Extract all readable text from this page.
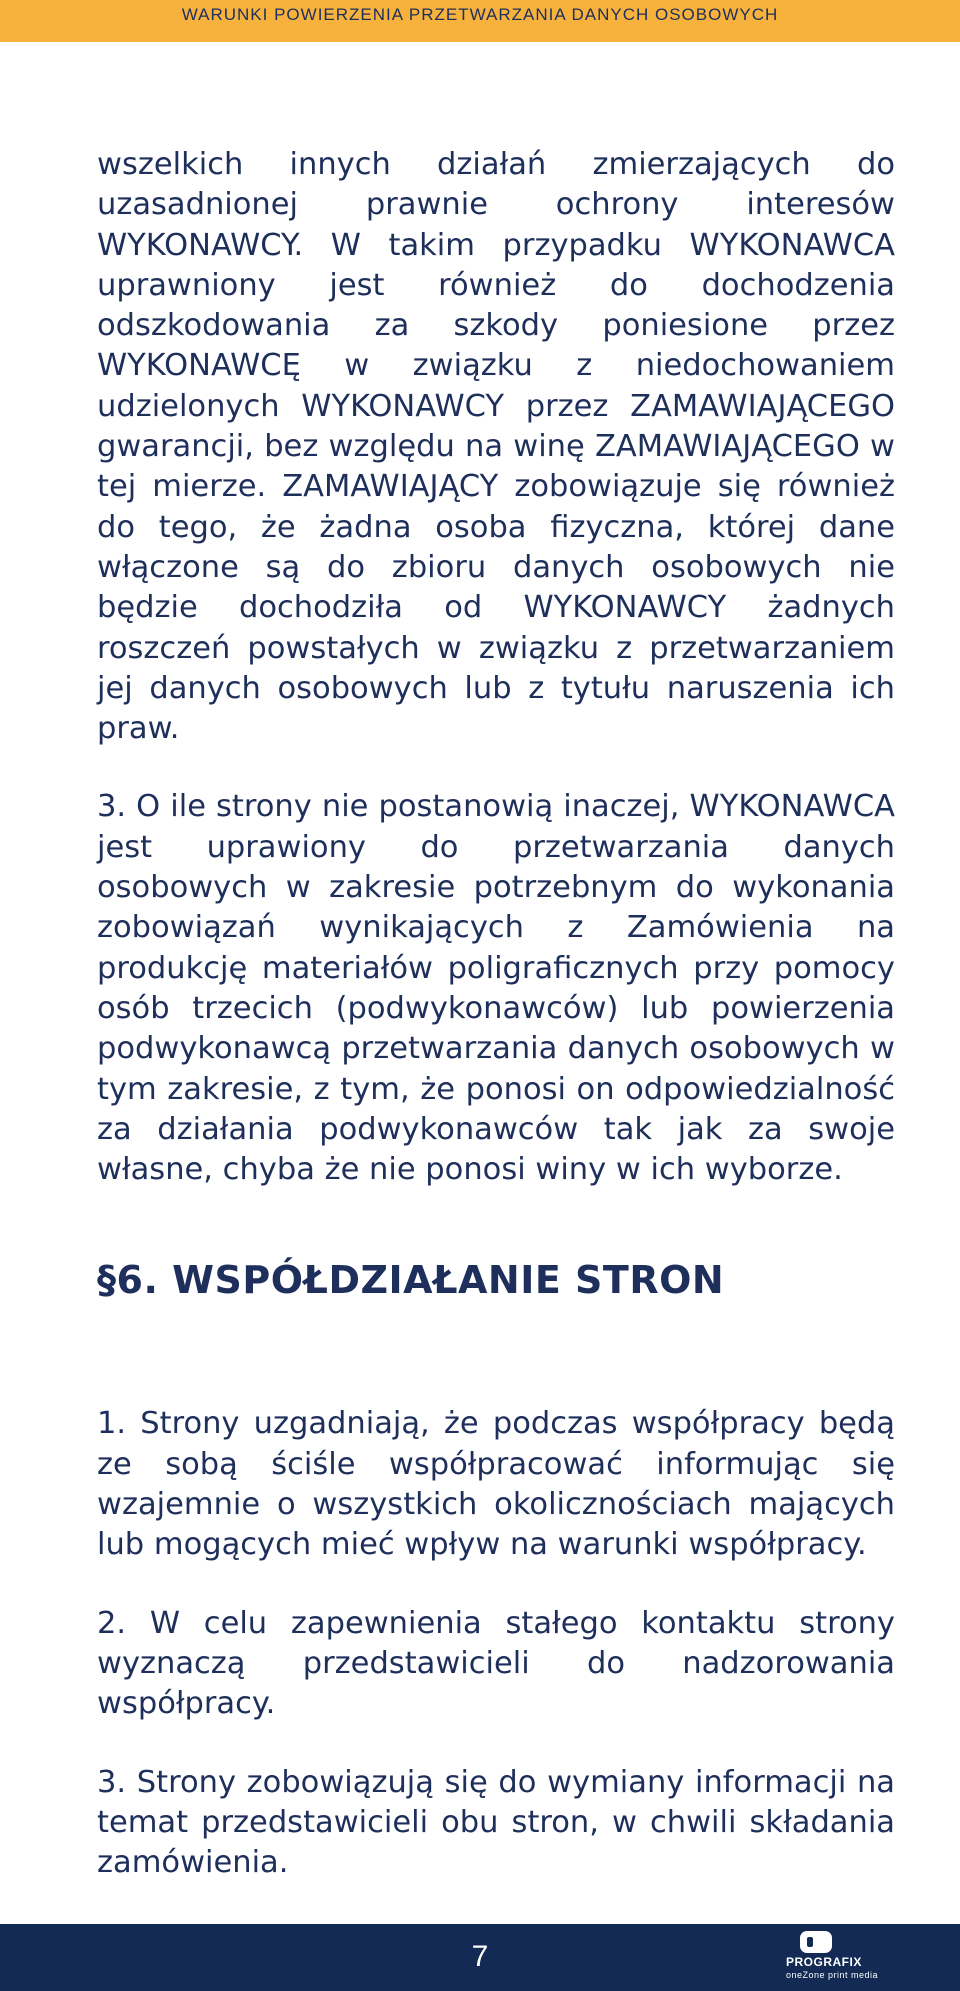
WARUNKI POWIERZENIA PRZETWARZANIA DANYCH OSOBOWYCH

wszelkich innych działań zmierzających do uzasadnionej prawnie ochrony interesów WYKONAWCY. W takim przypadku WYKONAWCA uprawniony jest również do dochodzenia odszkodowania za szkody poniesione przez WYKONAWCĘ w związku z niedochowaniem udzielonych WYKONAWCY przez ZAMAWIAJĄCEGO gwarancji, bez względu na winę ZAMAWIAJĄCEGO w tej mierze. ZAMAWIAJĄCY zobowiązuje się również do tego, że żadna osoba fizyczna, której dane włączone są do zbioru danych osobowych nie będzie dochodziła od WYKONAWCY żadnych roszczeń powstałych w związku z przetwarzaniem jej danych osobowych lub z tytułu naruszenia ich praw.

3. O ile strony nie postanowią inaczej, WYKONAWCA jest uprawiony do przetwarzania danych osobowych w zakresie potrzebnym do wykonania zobowiązań wynikających z Zamówienia na produkcję materiałów poligraficznych przy pomocy osób trzecich (podwykonawców) lub powierzenia podwykonawcą przetwarzania danych osobowych w tym zakresie, z tym, że ponosi on odpowiedzialność za działania podwykonawców tak jak za swoje własne, chyba że nie ponosi winy w ich wyborze.

§6. WSPÓŁDZIAŁANIE STRON

1. Strony uzgadniają, że podczas współpracy będą ze sobą ściśle współpracować informując się wzajemnie o wszystkich okolicznościach mających lub mogących mieć wpływ na warunki współpracy.

2. W celu zapewnienia stałego kontaktu strony wyznaczą przedstawicieli do nadzorowania współpracy.

3. Strony zobowiązują się do wymiany informacji na temat przedstawicieli obu stron, w chwili składania zamówienia.

7	PROGRAFIX
oneZone print media
